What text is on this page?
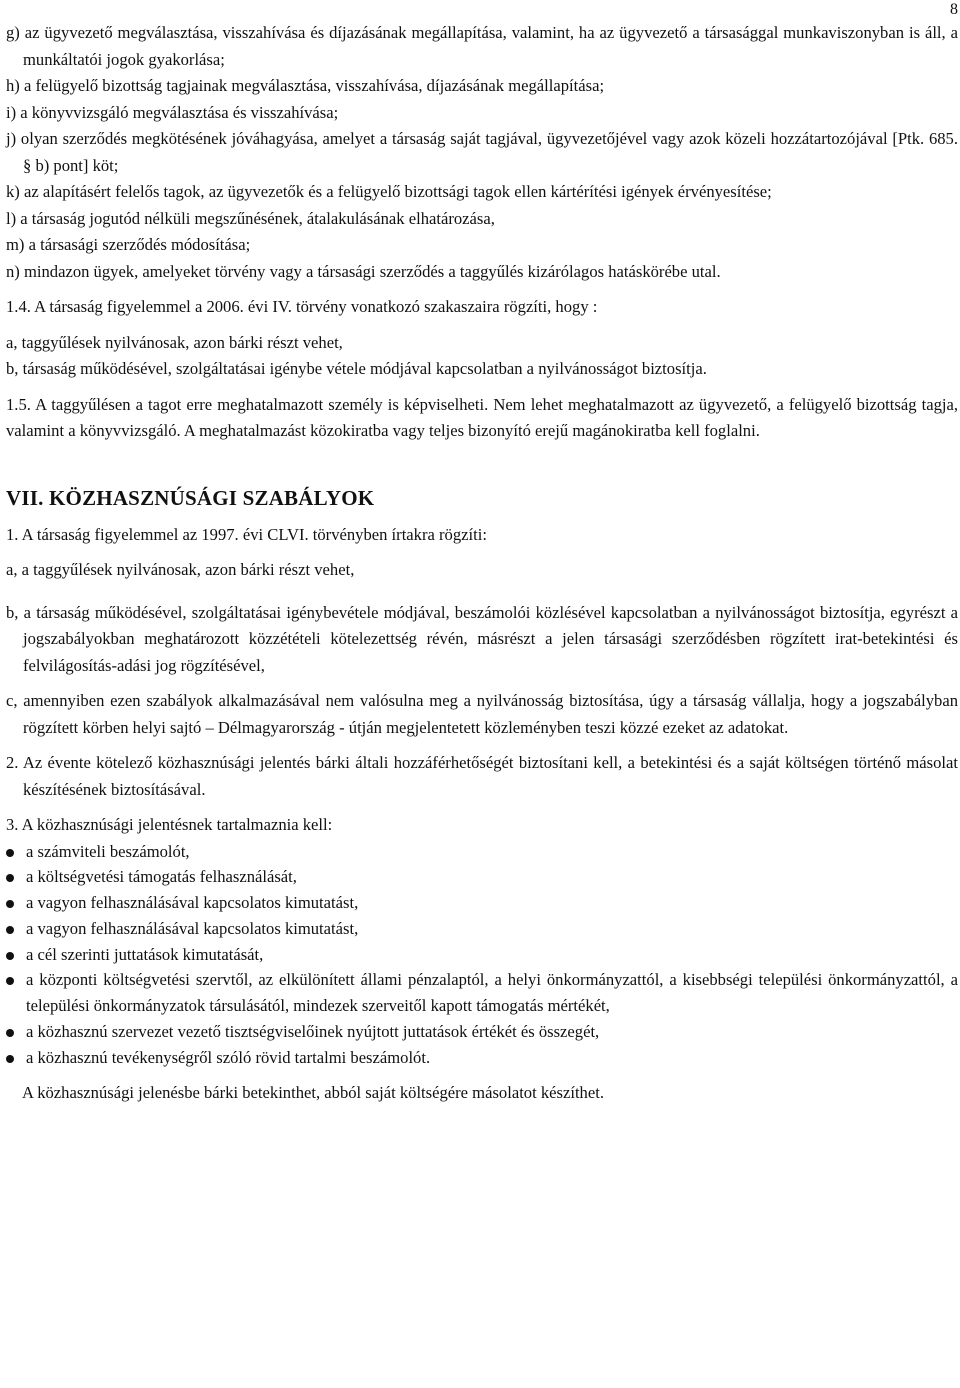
8

g) az ügyvezető megválasztása, visszahívása és díjazásának megállapítása, valamint, ha az ügyvezető a társasággal munkaviszonyban is áll, a munkáltatói jogok gyakorlása;

h) a felügyelő bizottság tagjainak megválasztása, visszahívása, díjazásának megállapítása;

i) a könyvvizsgáló megválasztása és visszahívása;

j) olyan szerződés megkötésének jóváhagyása, amelyet a társaság saját tagjával, ügyvezetőjével vagy azok közeli hozzátartozójával [Ptk. 685. § b) pont] köt;

k) az alapításért felelős tagok, az ügyvezetők és a felügyelő bizottsági tagok ellen kártérítési igények érvényesítése;

l) a társaság jogutód nélküli megszűnésének, átalakulásának elhatározása,

m) a társasági szerződés módosítása;

n) mindazon ügyek, amelyeket törvény vagy a társasági szerződés a taggyűlés kizárólagos hatáskörébe utal.

1.4. A társaság figyelemmel a 2006. évi IV. törvény vonatkozó szakaszaira rögzíti, hogy :

a, taggyűlések nyilvánosak, azon bárki részt vehet,

b, társaság működésével, szolgáltatásai igénybe vétele módjával kapcsolatban a nyilvánosságot biztosítja.

1.5. A taggyűlésen a tagot erre meghatalmazott személy is képviselheti. Nem lehet meghatalmazott az ügyvezető, a felügyelő bizottság tagja, valamint a könyvvizsgáló. A meghatalmazást közokiratba vagy teljes bizonyító erejű magánokiratba kell foglalni.

VII. KÖZHASZNÚSÁGI SZABÁLYOK

1. A társaság figyelemmel az 1997. évi CLVI. törvényben írtakra rögzíti:

a, a taggyűlések nyilvánosak, azon bárki részt vehet,

b, a társaság működésével, szolgáltatásai igénybevétele módjával, beszámolói közlésével kapcsolatban a nyilvánosságot biztosítja, egyrészt a jogszabályokban meghatározott közzétételi kötelezettség révén, másrészt a jelen társasági szerződésben rögzített irat-betekintési és felvilágosítás-adási jog rögzítésével,

c, amennyiben ezen szabályok alkalmazásával nem valósulna meg a nyilvánosság biztosítása, úgy a társaság vállalja, hogy a jogszabályban rögzített körben helyi sajtó – Délmagyarország - útján megjelentetett közleményben teszi közzé ezeket az adatokat.

2. Az évente kötelező közhasznúsági jelentés bárki általi hozzáférhetőségét biztosítani kell, a betekintési és a saját költségen történő másolat készítésének biztosításával.

3. A közhasznúsági jelentésnek tartalmaznia kell:

a számviteli beszámolót,
a költségvetési támogatás felhasználását,
a vagyon felhasználásával kapcsolatos kimutatást,
a vagyon felhasználásával kapcsolatos kimutatást,
a cél szerinti juttatások kimutatását,
a központi költségvetési szervtől, az elkülönített állami pénzalaptól, a helyi önkormányzattól, a kisebbségi települési önkormányzattól, a települési önkormányzatok társulásától, mindezek szerveitől kapott támogatás mértékét,
a közhasznú szervezet vezető tisztségviselőinek nyújtott juttatások értékét és összegét,
a közhasznú tevékenységről szóló rövid tartalmi beszámolót.

A közhasznúsági jelenésbe bárki betekinthet, abból saját költségére másolatot készíthet.
